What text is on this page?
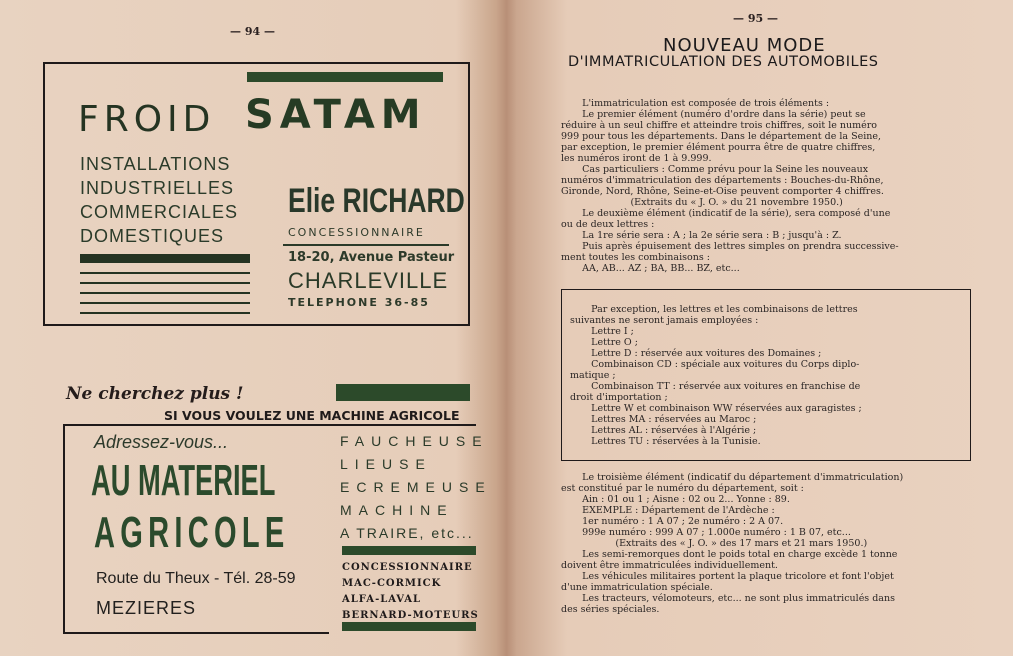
— 94 —
FROID SATAM
INSTALLATIONS
INDUSTRIELLES
COMMERCIALES
DOMESTIQUES
Elie RICHARD
CONCESSIONNAIRE
18-20, Avenue Pasteur
CHARLEVILLE
TELEPHONE 36-85
Ne cherchez plus !
SI VOUS VOULEZ UNE MACHINE AGRICOLE
Adressez-vous...
AU MATERIEL
AGRICOLE
Route du Theux - Tél. 28-59
MEZIERES
FAUCHEUSE
LIEUSE
ECREMEUSE
MACHINE
A TRAIRE, etc...
CONCESSIONNAIRE
MAC-CORMICK
ALFA-LAVAL
BERNARD-MOTEURS
— 95 —
NOUVEAU MODE
D'IMMATRICULATION DES AUTOMOBILES
L'immatriculation est composée de trois éléments :
Le premier élément (numéro d'ordre dans la série) peut se
réduire à un seul chiffre et atteindre trois chiffres, soit le numéro
999 pour tous les départements. Dans le département de la Seine,
par exception, le premier élément pourra être de quatre chiffres,
les numéros iront de 1 à 9.999.
Cas particuliers : Comme prévu pour la Seine les nouveaux
numéros d'immatriculation des départements : Bouches-du-Rhône,
Gironde, Nord, Rhône, Seine-et-Oise peuvent comporter 4 chiffres.
(Extraits du « J. O. » du 21 novembre 1950.)
Le deuxième élément (indicatif de la série), sera composé d'une
ou de deux lettres :
La 1re série sera : A ; la 2e série sera : B ; jusqu'à : Z.
Puis après épuisement des lettres simples on prendra successive-
ment toutes les combinaisons :
AA, AB... AZ ; BA, BB... BZ, etc...
Par exception, les lettres et les combinaisons de lettres
suivantes ne seront jamais employées :
Lettre I ;
Lettre O ;
Lettre D : réservée aux voitures des Domaines ;
Combinaison CD : spéciale aux voitures du Corps diplo-
matique ;
Combinaison TT : réservée aux voitures en franchise de
droit d'importation ;
Lettre W et combinaison WW réservées aux garagistes ;
Lettres MA : réservées au Maroc ;
Lettres AL : réservées à l'Algérie ;
Lettres TU : réservées à la Tunisie.
Le troisième élément (indicatif du département d'immatriculation)
est constitué par le numéro du département, soit :
Ain : 01 ou 1 ; Aisne : 02 ou 2... Yonne : 89.
EXEMPLE : Département de l'Ardèche :
1er numéro : 1 A 07 ; 2e numéro : 2 A 07.
999e numéro : 999 A 07 ; 1.000e numéro : 1 B 07, etc...
(Extraits des « J. O. » des 17 mars et 21 mars 1950.)
Les semi-remorques dont le poids total en charge excède 1 tonne
doivent être immatriculées individuellement.
Les véhicules militaires portent la plaque tricolore et font l'objet
d'une immatriculation spéciale.
Les tracteurs, vélomoteurs, etc... ne sont plus immatriculés dans
des séries spéciales.
